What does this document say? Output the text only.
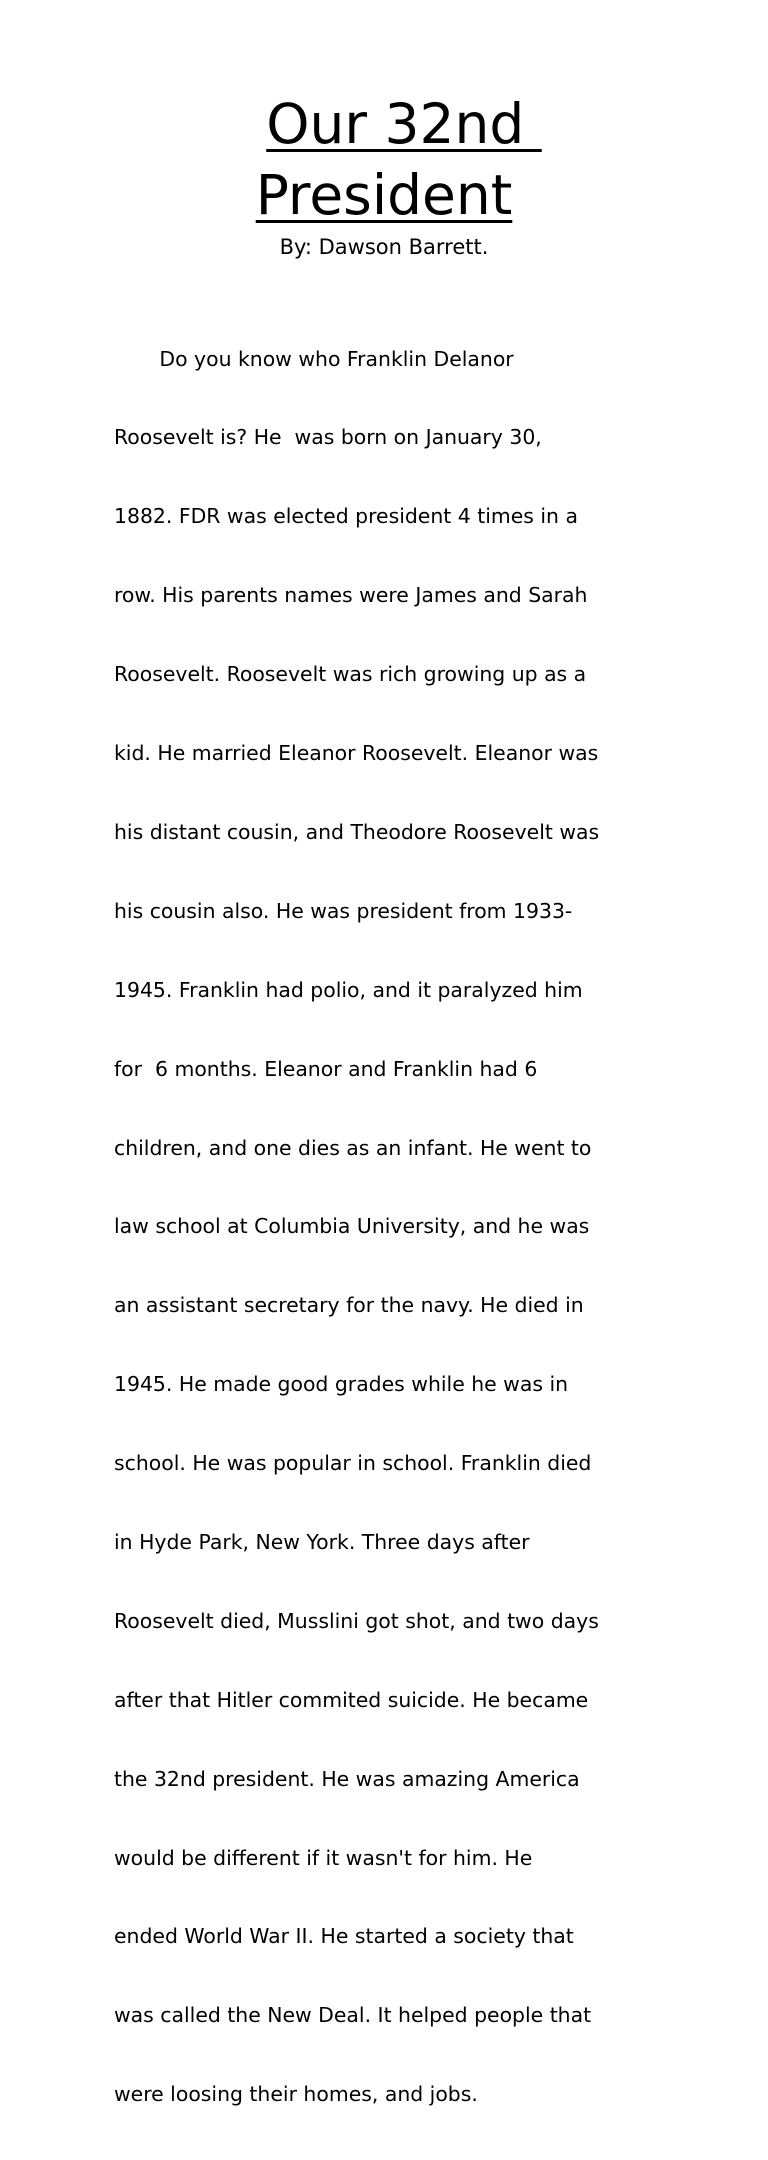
Our 32nd
President

By: Dawson Barrett.

Do you know who Franklin Delanor

Roosevelt is? He  was born on January 30,

1882. FDR was elected president 4 times in a

row. His parents names were James and Sarah

Roosevelt. Roosevelt was rich growing up as a

kid. He married Eleanor Roosevelt. Eleanor was

his distant cousin, and Theodore Roosevelt was

his cousin also. He was president from 1933-

1945. Franklin had polio, and it paralyzed him

for  6 months. Eleanor and Franklin had 6

children, and one dies as an infant. He went to

law school at Columbia University, and he was

an assistant secretary for the navy. He died in

1945. He made good grades while he was in

school. He was popular in school. Franklin died

in Hyde Park, New York. Three days after

Roosevelt died, Musslini got shot, and two days

after that Hitler commited suicide. He became

the 32nd president. He was amazing America

would be different if it wasn't for him. He

ended World War II. He started a society that

was called the New Deal. It helped people that

were loosing their homes, and jobs.
